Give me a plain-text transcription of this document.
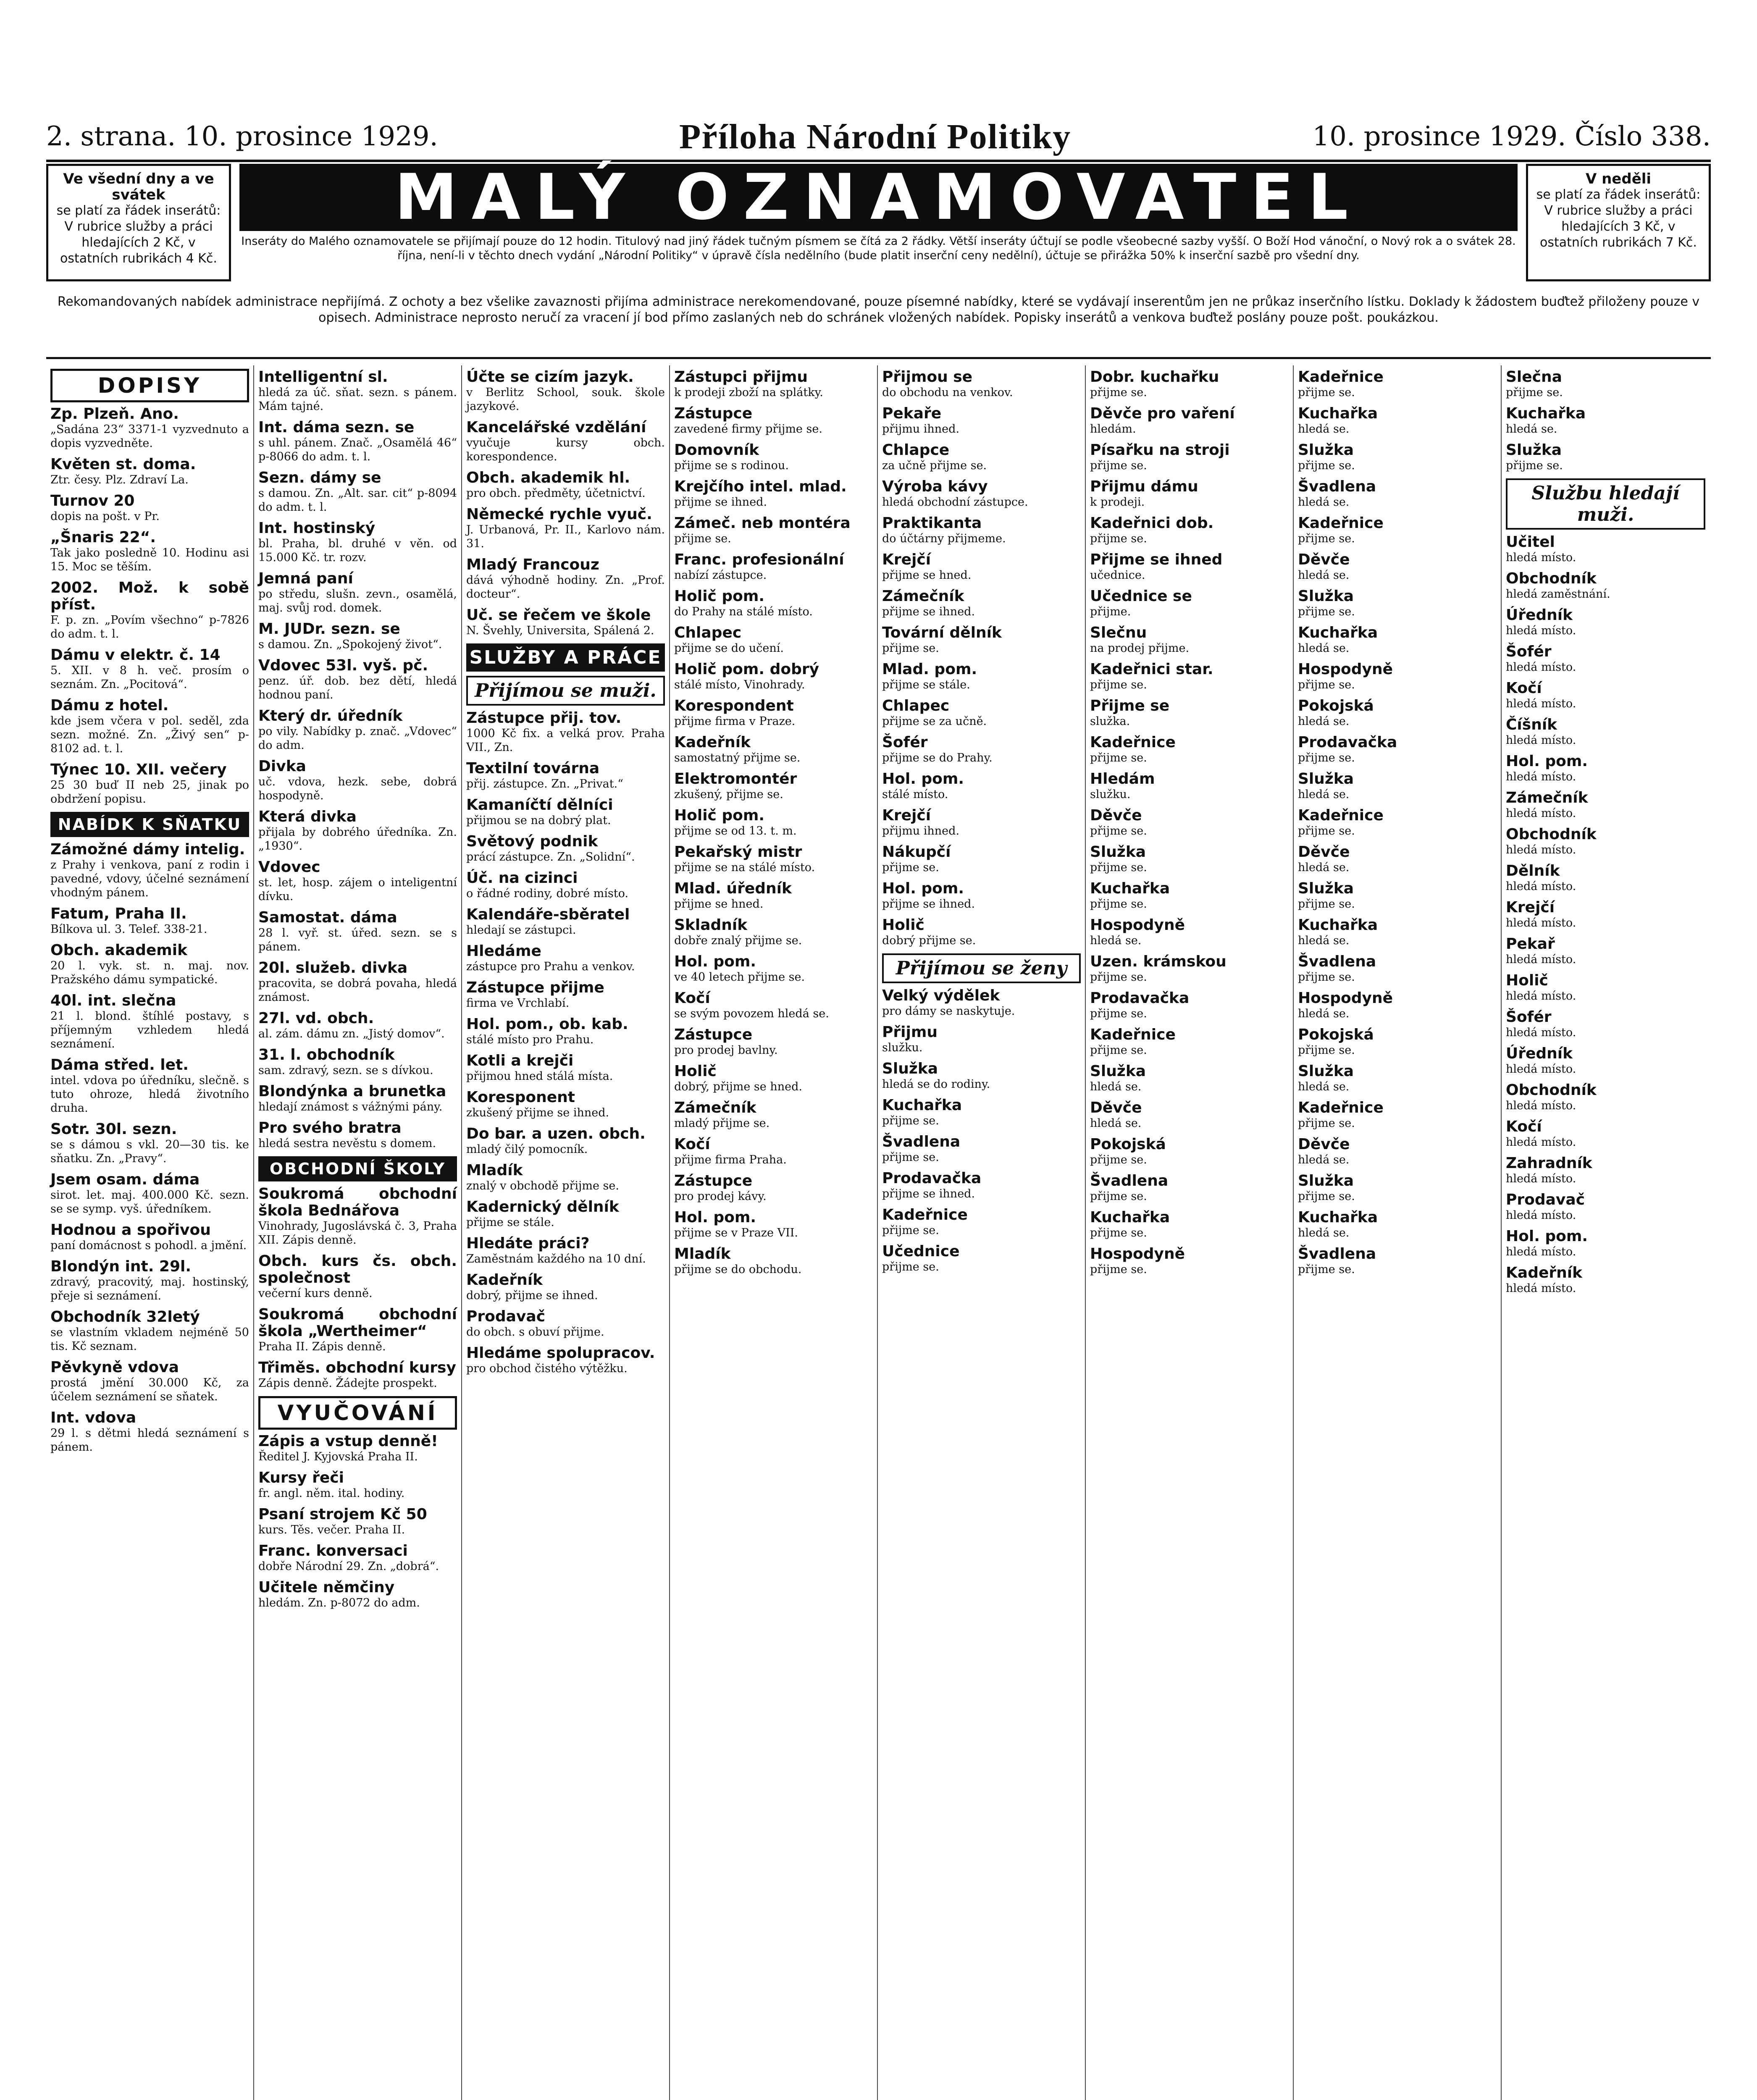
2. strana. 10. prosince 1929.	Příloha Národní Politiky	10. prosince 1929. Číslo 338.
Ve všední dny a ve svátek
se platí za řádek inserátů: V rubrice služby a práci hledajících 2 Kč, v ostatních rubrikách 4 Kč.
MALÝ OZNAMOVATEL
Inseráty do Malého oznamovatele se přijímají pouze do 12 hodin. Titulový nad jiný řádek tučným písmem se čítá za 2 řádky. Větší inseráty účtují se podle všeobecné sazby vyšší. O Boží Hod vánoční, o Nový rok a o svátek 28. října, není-li v těchto dnech vydání „Národní Politiky“ v úpravě čísla nedělního (bude platit inserční ceny nedělní), účtuje se přirážka 50% k inserční sazbě pro všední dny.
V neděli
se platí za řádek inserátů: V rubrice služby a práci hledajících 3 Kč, v ostatních rubrikách 7 Kč.
Rekomandovaných nabídek administrace nepřijímá. Z ochoty a bez všelike zavaznosti přijíma administrace nerekomendované, pouze písemné nabídky, které se vydávají inserentům jen ne průkaz inserčního lístku. Doklady k žádostem buďtež přiloženy pouze v opisech. Administrace neprosto neručí za vracení jí bod přímo zaslaných neb do schránek vložených nabídek. Popisky inserátů a venkova buďtež poslány pouze pošt. poukázkou.
DOPISY
Zp. Plzeň. Ano.
„Sadána 23“ 3371-1 vyzvednuto a dopis vyzvedněte.
Květen st. doma.
Ztr. česy. Plz. Zdraví La.
Turnov 20
dopis na pošt. v Pr.
„Šnaris 22“.
Tak jako posledně 10. Hodinu asi 15. Moc se těším.
2002. Mož. k sobě příst.
F. p. zn. „Povím všechno“ p-7826 do adm. t. l.
Dámu v elektr. č. 14
5. XII. v 8 h. več. prosím o seznám. Zn. „Pocitová“.
Dámu z hotel.
kde jsem včera v pol. seděl, zda sezn. možné. Zn. „Živý sen“ p-8102 ad. t. l.
Týnec 10. XII. večery
25 30 buď II neb 25, jinak po obdržení popisu.
NABÍDK K SŇATKU
Zámožné dámy intelig.
z Prahy i venkova, paní z rodin i pavedné, vdovy, účelné seznámení vhodným pánem.
Fatum, Praha II.
Bílkova ul. 3. Telef. 338-21.
Obch. akademik
20 l. vyk. st. n. maj. nov. Pražského dámu sympatické.
40l. int. slečna
21 l. blond. štíhlé postavy, s příjemným vzhledem hledá seznámení.
Dáma střed. let.
intel. vdova po úředníku, slečně. s tuto ohroze, hledá životního druha.
Sotr. 30l. sezn.
se s dámou s vkl. 20—30 tis. ke sňatku. Zn. „Pravy“.
Jsem osam. dáma
sirot. let. maj. 400.000 Kč. sezn. se se symp. vyš. úředníkem.
Hodnou a spořivou
paní domácnost s pohodl. a jmění.
Blondýn int. 29l.
zdravý, pracovitý, maj. hostinský, přeje si seznámení.
Obchodník 32letý
se vlastním vkladem nejméně 50 tis. Kč seznam.
Pěvkyně vdova
prostá jmění 30.000 Kč, za účelem seznámení se sňatek.
Int. vdova
29 l. s dětmi hledá seznámení s pánem.
Intelligentní sl.
hledá za úč. sňat. sezn. s pánem. Mám tajné.
Int. dáma sezn. se
s uhl. pánem. Znač. „Osamělá 46“ p-8066 do adm. t. l.
Sezn. dámy se
s damou. Zn. „Alt. sar. cit“ p-8094 do adm. t. l.
Int. hostinský
bl. Praha, bl. druhé v věn. od 15.000 Kč. tr. rozv.
Jemná paní
po středu, slušn. zevn., osamělá, maj. svůj rod. domek.
M. JUDr. sezn. se
s damou. Zn. „Spokojený život“.
Vdovec 53l. vyš. pč.
penz. úř. dob. bez dětí, hledá hodnou paní.
Který dr. úředník
po vily. Nabídky p. znač. „Vdovec“ do adm.
Divka
uč. vdova, hezk. sebe, dobrá hospodyně.
Která divka
přijala by dobrého úředníka. Zn. „1930“.
Vdovec
st. let, hosp. zájem o inteligentní dívku.
Samostat. dáma
28 l. vyř. st. úřed. sezn. se s pánem.
20l. služeb. divka
pracovita, se dobrá povaha, hledá známost.
27l. vd. obch.
al. zám. dámu zn. „Jistý domov“.
31. l. obchodník
sam. zdravý, sezn. se s dívkou.
Blondýnka a brunetka
hledají známost s vážnými pány.
Pro svého bratra
hledá sestra nevěstu s domem.
OBCHODNÍ ŠKOLY
Soukromá obchodní škola Bednářova
Vinohrady, Jugoslávská č. 3, Praha XII. Zápis denně.
Obch. kurs čs. obch. společnost
večerní kurs denně.
Soukromá obchodní škola „Wertheimer“
Praha II. Zápis denně.
Třiměs. obchodní kursy
Zápis denně. Žádejte prospekt.
VYUČOVÁNÍ
Zápis a vstup denně!
Ředitel J. Kyjovská Praha II.
Kursy řeči
fr. angl. něm. ital. hodiny.
Psaní strojem Kč 50
kurs. Těs. večer. Praha II.
Franc. konversaci
dobře Národní 29. Zn. „dobrá“.
Učitele němčiny
hledám. Zn. p-8072 do adm.
Účte se cizím jazyk.
v Berlitz School, souk. škole jazykové.
Kancelářské vzdělání
vyučuje kursy obch. korespondence.
Obch. akademik hl.
pro obch. předměty, účetnictví.
Německé rychle vyuč.
J. Urbanová, Pr. II., Karlovo nám. 31.
Mladý Francouz
dává výhodně hodiny. Zn. „Prof. docteur“.
Uč. se řečem ve škole
N. Švehly, Universita, Spálená 2.
SLUŽBY A PRÁCE
Přijímou se muži.
Zástupce přij. tov.
1000 Kč fix. a velká prov. Praha VII., Zn.
Textilní továrna
přij. zástupce. Zn. „Privat.“
Kamaníčtí dělníci
přijmou se na dobrý plat.
Světový podnik
prácí zástupce. Zn. „Solidní“.
Úč. na cizinci
o řádné rodiny, dobré místo.
Kalendáře-sběratel
hledají se zástupci.
Hledáme
zástupce pro Prahu a venkov.
Zástupce přijme
firma ve Vrchlabí.
Hol. pom., ob. kab.
stálé místo pro Prahu.
Kotli a krejči
přijmou hned stálá místa.
Koresponent
zkušený přijme se ihned.
Do bar. a uzen. obch.
mladý čilý pomocník.
Mladík
znalý v obchodě přijme se.
Kadernický dělník
přijme se stále.
Hledáte práci?
Zaměstnám každého na 10 dní.
Kadeřník
dobrý, přijme se ihned.
Prodavač
do obch. s obuví přijme.
Hledáme spolupracov.
pro obchod čistého výtěžku.
Zástupci přijmu
k prodeji zboží na splátky.
Zástupce
zavedené firmy přijme se.
Domovník
přijme se s rodinou.
Krejčího intel. mlad.
přijme se ihned.
Zámeč. neb montéra
přijme se.
Franc. profesionální
nabízí zástupce.
Holič pom.
do Prahy na stálé místo.
Chlapec
přijme se do učení.
Holič pom. dobrý
stálé místo, Vinohrady.
Korespondent
přijme firma v Praze.
Kadeřník
samostatný přijme se.
Elektromontér
zkušený, přijme se.
Holič pom.
přijme se od 13. t. m.
Pekařský mistr
přijme se na stálé místo.
Mlad. úředník
přijme se hned.
Skladník
dobře znalý přijme se.
Hol. pom.
ve 40 letech přijme se.
Kočí
se svým povozem hledá se.
Zástupce
pro prodej bavlny.
Holič
dobrý, přijme se hned.
Zámečník
mladý přijme se.
Kočí
přijme firma Praha.
Zástupce
pro prodej kávy.
Hol. pom.
přijme se v Praze VII.
Mladík
přijme se do obchodu.
Přijmou se
do obchodu na venkov.
Pekaře
přijmu ihned.
Chlapce
za učně přijme se.
Výroba kávy
hledá obchodní zástupce.
Praktikanta
do účtárny přijmeme.
Krejčí
přijme se hned.
Zámečník
přijme se ihned.
Tovární dělník
přijme se.
Mlad. pom.
přijme se stále.
Chlapec
přijme se za učně.
Šofér
přijme se do Prahy.
Hol. pom.
stálé místo.
Krejčí
přijmu ihned.
Nákupčí
přijme se.
Hol. pom.
přijme se ihned.
Holič
dobrý přijme se.
Přijímou se ženy
Velký výdělek
pro dámy se naskytuje.
Přijmu
služku.
Služka
hledá se do rodiny.
Kuchařka
přijme se.
Švadlena
přijme se.
Prodavačka
přijme se ihned.
Kadeřnice
přijme se.
Učednice
přijme se.
Dobr. kuchařku
přijme se.
Děvče pro vaření
hledám.
Písařku na stroji
přijme se.
Přijmu dámu
k prodeji.
Kadeřnici dob.
přijme se.
Přijme se ihned
učednice.
Učednice se
přijme.
Slečnu
na prodej přijme.
Kadeřnici star.
přijme se.
Přijme se
služka.
Kadeřnice
přijme se.
Hledám
služku.
Děvče
přijme se.
Služka
přijme se.
Kuchařka
přijme se.
Hospodyně
hledá se.
Uzen. krámskou
přijme se.
Prodavačka
přijme se.
Kadeřnice
přijme se.
Služka
hledá se.
Děvče
hledá se.
Pokojská
přijme se.
Švadlena
přijme se.
Kuchařka
přijme se.
Hospodyně
přijme se.
Kadeřnice
přijme se.
Kuchařka
hledá se.
Služka
přijme se.
Švadlena
hledá se.
Kadeřnice
přijme se.
Děvče
hledá se.
Služka
přijme se.
Kuchařka
hledá se.
Hospodyně
přijme se.
Pokojská
hledá se.
Prodavačka
přijme se.
Služka
hledá se.
Kadeřnice
přijme se.
Děvče
hledá se.
Služka
přijme se.
Kuchařka
hledá se.
Švadlena
přijme se.
Hospodyně
hledá se.
Pokojská
přijme se.
Služka
hledá se.
Kadeřnice
přijme se.
Děvče
hledá se.
Služka
přijme se.
Kuchařka
hledá se.
Švadlena
přijme se.
Slečna
přijme se.
Kuchařka
hledá se.
Služka
přijme se.
Službu hledají muži.
Učitel
hledá místo.
Obchodník
hledá zaměstnání.
Úředník
hledá místo.
Šofér
hledá místo.
Kočí
hledá místo.
Číšník
hledá místo.
Hol. pom.
hledá místo.
Zámečník
hledá místo.
Obchodník
hledá místo.
Dělník
hledá místo.
Krejčí
hledá místo.
Pekař
hledá místo.
Holič
hledá místo.
Šofér
hledá místo.
Úředník
hledá místo.
Obchodník
hledá místo.
Kočí
hledá místo.
Zahradník
hledá místo.
Prodavač
hledá místo.
Hol. pom.
hledá místo.
Kadeřník
hledá místo.
